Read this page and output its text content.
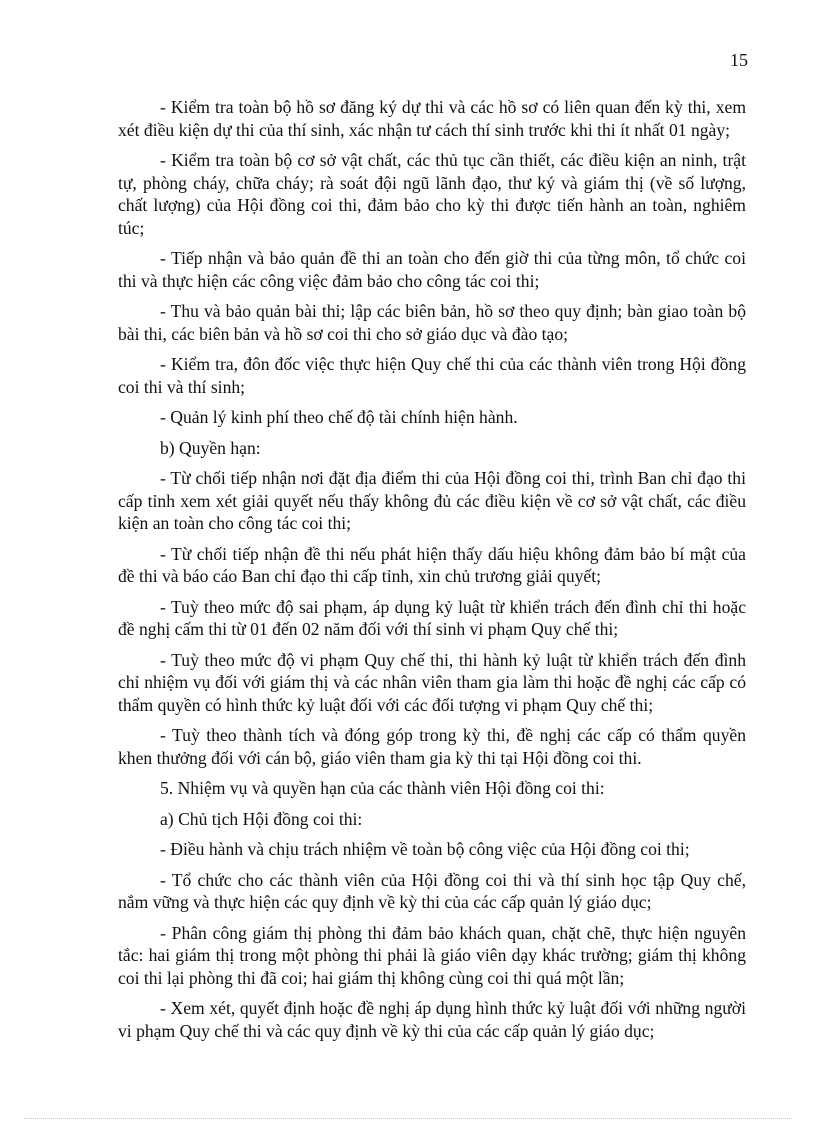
15

- Kiểm tra toàn bộ hồ sơ đăng ký dự thi và các hồ sơ có liên quan đến kỳ thi, xem xét điều kiện dự thi của thí sinh, xác nhận tư cách thí sinh trước khi thi ít nhất 01 ngày;

- Kiểm tra toàn bộ cơ sở vật chất, các thủ tục cần thiết, các điều kiện an ninh, trật tự, phòng cháy, chữa cháy; rà soát đội ngũ lãnh đạo, thư ký và giám thị (về số lượng, chất lượng) của Hội đồng coi thi, đảm bảo cho kỳ thi được tiến hành an toàn, nghiêm túc;

- Tiếp nhận và bảo quản đề thi an toàn cho đến giờ thi của từng môn, tổ chức coi thi và thực hiện các công việc đảm bảo cho công tác coi thi;

- Thu và bảo quản bài thi; lập các biên bản, hồ sơ theo quy định; bàn giao toàn bộ bài thi, các biên bản và hồ sơ coi thi cho sở giáo dục và đào tạo;

- Kiểm tra, đôn đốc việc thực hiện Quy chế thi của các thành viên trong Hội đồng coi thi và thí sinh;

- Quản lý kinh phí theo chế độ tài chính hiện hành.

b) Quyền hạn:

- Từ chối tiếp nhận nơi đặt địa điểm thi của Hội đồng coi thi, trình Ban chỉ đạo thi cấp tỉnh xem xét giải quyết nếu thấy không đủ các điều kiện về cơ sở vật chất, các điều kiện an toàn cho công tác coi thi;

- Từ chối tiếp nhận đề thi nếu phát hiện thấy dấu hiệu không đảm bảo bí mật của đề thi và báo cáo Ban chỉ đạo thi cấp tỉnh, xin chủ trương giải quyết;

- Tuỳ theo mức độ sai phạm, áp dụng kỷ luật từ khiển trách đến đình chỉ thi hoặc đề nghị cấm thi từ 01 đến 02 năm đối với thí sinh vi phạm Quy chế thi;

- Tuỳ theo mức độ vi phạm Quy chế thi, thi hành kỷ luật từ khiển trách đến đình chỉ nhiệm vụ đối với giám thị và các nhân viên tham gia làm thi hoặc đề nghị các cấp có thẩm quyền có hình thức kỷ luật đối với các đối tượng vi phạm Quy chế thi;

- Tuỳ theo thành tích và đóng góp trong kỳ thi, đề nghị các cấp có thẩm quyền khen thưởng đối với cán bộ, giáo viên tham gia kỳ thi tại Hội đồng coi thi.

5. Nhiệm vụ và quyền hạn của các thành viên Hội đồng coi thi:

a) Chủ tịch Hội đồng coi thi:

- Điều hành và chịu trách nhiệm về toàn bộ công việc của Hội đồng coi thi;

- Tổ chức cho các thành viên của Hội đồng coi thi và thí sinh học tập Quy chế, nắm vững và thực hiện các quy định về kỳ thi của các cấp quản lý giáo dục;

- Phân công giám thị phòng thi đảm bảo khách quan, chặt chẽ, thực hiện nguyên tắc: hai giám thị trong một phòng thi phải là giáo viên dạy khác trường; giám thị không coi thi lại phòng thi đã coi; hai giám thị không cùng coi thi quá một lần;

- Xem xét, quyết định hoặc đề nghị áp dụng hình thức kỷ luật đối với những người vi phạm Quy chế thi và các quy định về kỳ thi của các cấp quản lý giáo dục;
